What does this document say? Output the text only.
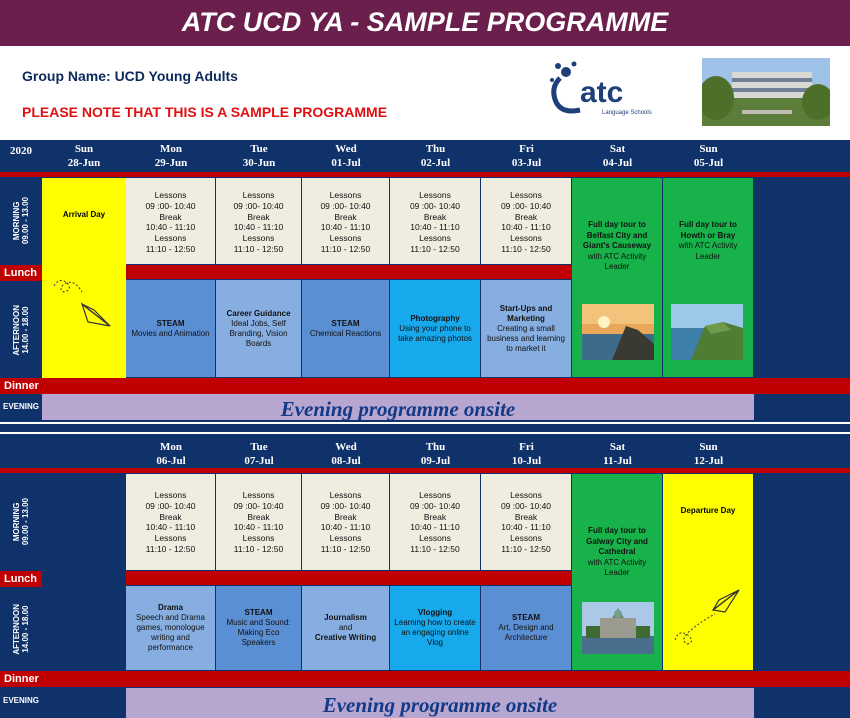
ATC UCD YA - SAMPLE PROGRAMME
Group Name: UCD Young Adults
PLEASE NOTE THAT THIS IS A SAMPLE PROGRAMME
atc
Language Schools
2020	Sun
28-Jun
Mon
29-Jun
Tue
30-Jun
Wed
01-Jul
Thu
02-Jul
Fri
03-Jul
Sat
04-Jul
Sun
05-Jul
MORNING
09.00 - 13.00
Lunch
AFTERNOON
14.00 - 18.00
Dinner
EVENING
Arrival Day
Lessons
09 :00- 10:40
Break
10:40 - 11:10
Lessons
11:10 - 12:50
Lessons
09 :00- 10:40
Break
10:40 - 11:10
Lessons
11:10 - 12:50
Lessons
09 :00- 10:40
Break
10:40 - 11:10
Lessons
11:10 - 12:50
Lessons
09 :00- 10:40
Break
10:40 - 11:10
Lessons
11:10 - 12:50
Lessons
09 :00- 10:40
Break
10:40 - 11:10
Lessons
11:10 - 12:50
STEAM
Movies and Animation
Career Guidance
Ideal Jobs, Self Branding, Vision Boards
STEAM
Chemical Reactions
Photography
Using your phone to take amazing photos
Start-Ups and Marketing
Creating a small business and learning to market it
Full day tour to Belfast City and Giant's Causeway
with ATC Activity Leader
Full day tour to Howth or Bray
with ATC Activity Leader
Evening programme onsite
Mon
06-Jul
Tue
07-Jul
Wed
08-Jul
Thu
09-Jul
Fri
10-Jul
Sat
11-Jul
Sun
12-Jul
MORNING
09.00 - 13.00
Lunch
AFTERNOON
14.00 - 18.00
Dinner
EVENING
Lessons
09 :00- 10:40
Break
10:40 - 11:10
Lessons
11:10 - 12:50
Lessons
09 :00- 10:40
Break
10:40 - 11:10
Lessons
11:10 - 12:50
Lessons
09 :00- 10:40
Break
10:40 - 11:10
Lessons
11:10 - 12:50
Lessons
09 :00- 10:40
Break
10:40 - 11:10
Lessons
11:10 - 12:50
Lessons
09 :00- 10:40
Break
10:40 - 11:10
Lessons
11:10 - 12:50
Drama
Speech and Drama games, monologue writing and performance
STEAM
Music and Sound: Making Eco Speakers
Journalism
and
Creative Writing
Vlogging
Learning how to create an engaging online Vlog
STEAM
Art, Design and Architecture
Full day tour to Galway City and Cathedral
with ATC Activity Leader
Departure Day
Evening programme onsite
